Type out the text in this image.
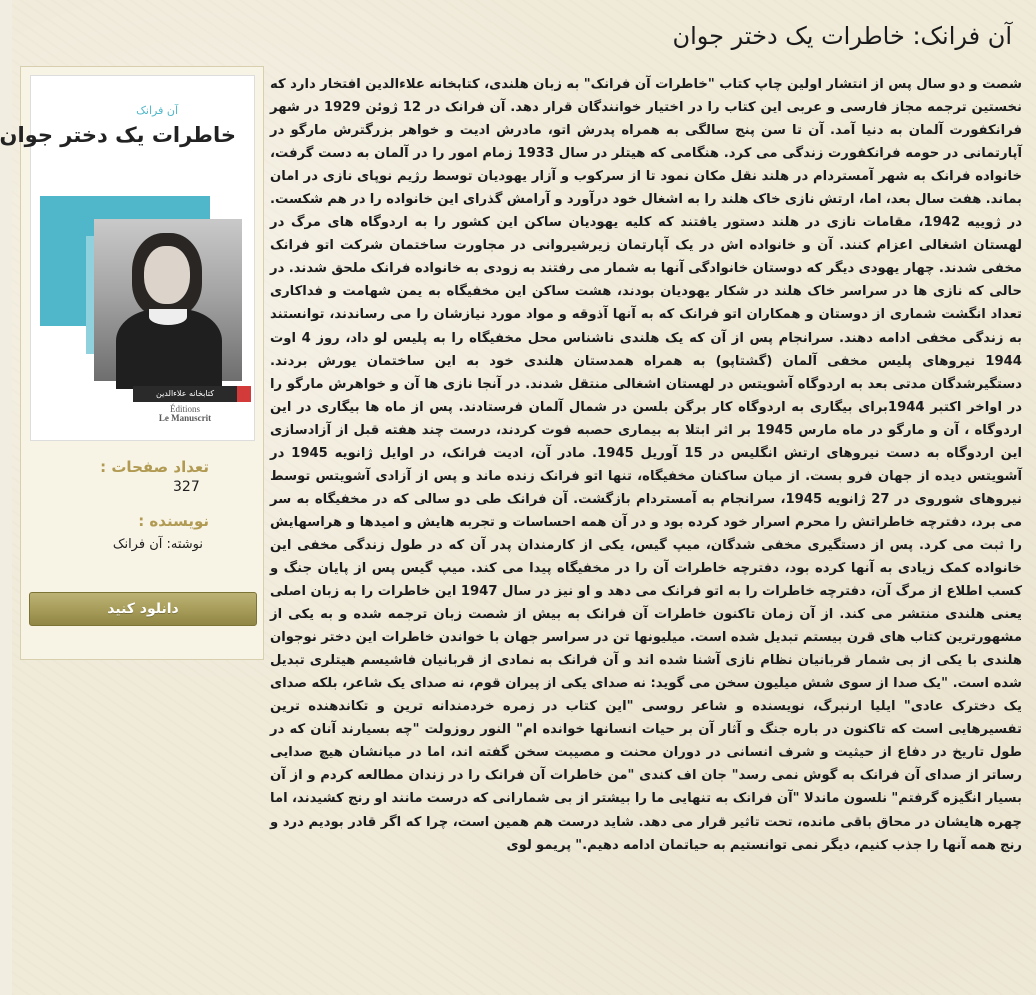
آن فرانک: خاطرات یک دختر جوان
آن فرانک
خاطرات یک دختر جوان
کتابخانه علاءالدین
Éditions
Le Manuscrit
تعداد صفحات :
327
نویسنده :
نوشته: آن فرانک
دانلود کنید

شصت و دو سال پس از انتشار اولین چاپ کتاب "خاطرات آن فرانک" به زبان هلندی، کتابخانه علاءالدین افتخار دارد که نخستین ترجمه مجاز فارسی و عربی این کتاب را در اختیار خوانندگان قرار دهد. آن فرانک در 12 ژوئن 1929 در شهر فرانکفورت آلمان به دنیا آمد. آن تا سن پنج سالگی به همراه پدرش اتو، مادرش ادیت و خواهر بزرگترش مارگو در آپارتمانی در حومه فرانکفورت زندگی می کرد. هنگامی که هیتلر در سال 1933 زمام امور را در آلمان به دست گرفت، خانواده فرانک به شهر آمستردام در هلند نقل مکان نمود تا از سرکوب و آزار یهودیان توسط رژیم نوپای نازی در امان بماند. هفت سال بعد، اما، ارتش نازی خاک هلند را به اشغال خود درآورد و آرامش گذرای این خانواده را در هم شکست. در ژوییه 1942، مقامات نازی در هلند دستور یافتند که کلیه یهودیان ساکن این کشور را به اردوگاه های مرگ در لهستان اشغالی اعزام کنند. آن و خانواده اش در یک آپارتمان زیرشیروانی در مجاورت ساختمان شرکت اتو فرانک مخفی شدند. چهار یهودی دیگر که دوستان خانوادگی آنها به شمار می رفتند به زودی به خانواده فرانک ملحق شدند. در حالی که نازی ها در سراسر خاک هلند در شکار یهودیان بودند، هشت ساکن این مخفیگاه به یمن شهامت و فداکاری تعداد انگشت شماری از دوستان و همکاران اتو فرانک که به آنها آذوقه و مواد مورد نیازشان را می رساندند، توانستند به زندگی مخفی ادامه دهند. سرانجام پس از آن که یک هلندی ناشناس محل مخفیگاه را به پلیس لو داد، روز 4 اوت 1944 نیروهای پلیس مخفی آلمان (گشتاپو) به همراه همدستان هلندی خود به این ساختمان یورش بردند. دستگیرشدگان مدتی بعد به اردوگاه آشویتس در لهستان اشغالی منتقل شدند. در آنجا نازی ها آن و خواهرش مارگو را در اواخر اکتبر 1944برای بیگاری به اردوگاه کار برگن بلسن در شمال آلمان فرستادند. پس از ماه ها بیگاری در این اردوگاه ، آن و مارگو در ماه مارس 1945 بر اثر ابتلا به بیماری حصبه فوت کردند، درست چند هفته قبل از آزادسازی این اردوگاه به دست نیروهای ارتش انگلیس در 15 آوریل 1945. مادر آن، ادیت فرانک، در اوایل ژانویه 1945 در آشویتس دیده از جهان فرو بست. از میان ساکنان مخفیگاه، تنها اتو فرانک زنده ماند و پس از آزادی آشویتس توسط نیروهای شوروی در 27 ژانویه 1945، سرانجام به آمستردام بازگشت. آن فرانک طی دو سالی که در مخفیگاه به سر می برد، دفترچه خاطراتش را محرم اسرار خود کرده بود و در آن همه احساسات و تجربه هایش و امیدها و هراسهایش را ثبت می کرد. پس از دستگیری مخفی شدگان، میپ گیس، یکی از کارمندان پدر آن که در طول زندگی مخفی این خانواده کمک زیادی به آنها کرده بود، دفترچه خاطرات آن را در مخفیگاه پیدا می کند. میپ گیس پس از پایان جنگ و کسب اطلاع از مرگ آن، دفترچه خاطرات را به اتو فرانک می دهد و او نیز در سال 1947 این خاطرات را به زبان اصلی یعنی هلندی منتشر می کند. از آن زمان تاکنون خاطرات آن فرانک به بیش از شصت زبان ترجمه شده و به یکی از مشهورترین کتاب های قرن بیستم تبدیل شده است. میلیونها تن در سراسر جهان با خواندن خاطرات این دختر نوجوان هلندی با یکی از بی شمار قربانیان نظام نازی آشنا شده اند و آن فرانک به نمادی از قربانیان فاشیسم هیتلری تبدیل شده است. "یک صدا از سوی شش میلیون سخن می گوید: نه صدای یکی از پیران قوم، نه صدای یک شاعر، بلکه صدای یک دخترک عادی" ایلیا ارنبرگ، نویسنده و شاعر روسی "این کتاب در زمره خردمندانه ترین و تکاندهنده ترین تفسیرهایی است که تاکنون در باره جنگ و آثار آن بر حیات انسانها خوانده ام" النور روزولت "چه بسیارند آنان که در طول تاریخ در دفاع از حیثیت و شرف انسانی در دوران محنت و مصیبت سخن گفته اند، اما در میانشان هیچ صدایی رساتر از صدای آن فرانک به گوش نمی رسد" جان اف کندی "من خاطرات آن فرانک را در زندان مطالعه کردم و از آن بسیار انگیزه گرفتم" نلسون ماندلا "آن فرانک به تنهایی ما را بیشتر از بی شمارانی که درست مانند او رنج کشیدند، اما چهره هایشان در محاق باقی مانده، تحت تاثیر قرار می دهد. شاید درست هم همین است، چرا که اگر قادر بودیم درد و رنج همه آنها را جذب کنیم، دیگر نمی توانستیم به حیاتمان ادامه دهیم." پریمو لوی
